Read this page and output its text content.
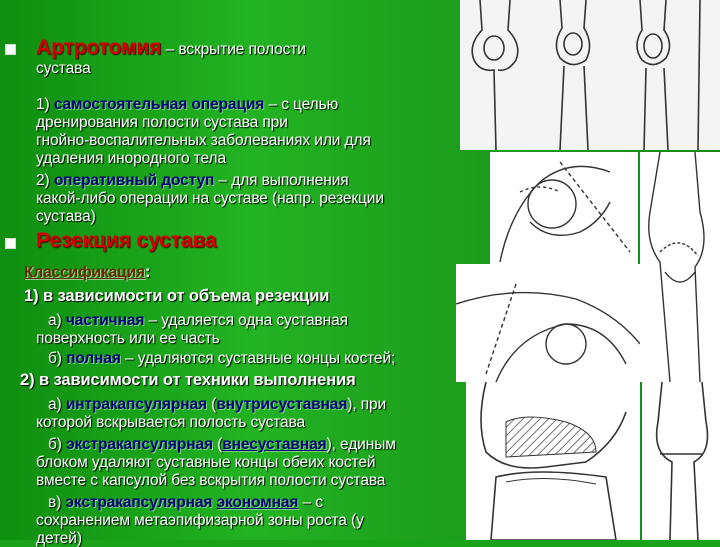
Артротомия – вскрытие полости
сустава
1) самостоятельная операция – с целью
дренирования полости сустава при
гнойно-воспалительных заболеваниях или для
удаления инородного тела
2) оперативный доступ – для выполнения
какой-либо операции на суставе (напр. резекции
сустава)
Резекция сустава
Классификация:
1) в зависимости от объема резекции
а) частичная – удаляется одна суставная
поверхность или ее часть
б) полная – удаляются суставные концы костей;
2) в зависимости от техники выполнения
а) интракапсулярная (внутрисуставная), при
которой вскрывается полость сустава
б) экстракапсулярная (внесуставная), единым
блоком удаляют суставные концы обеих костей
вместе с капсулой без вскрытия полости сустава
в) экстракапсулярная экономная – с
сохранением метаэпифизарной зоны роста (у
детей)
